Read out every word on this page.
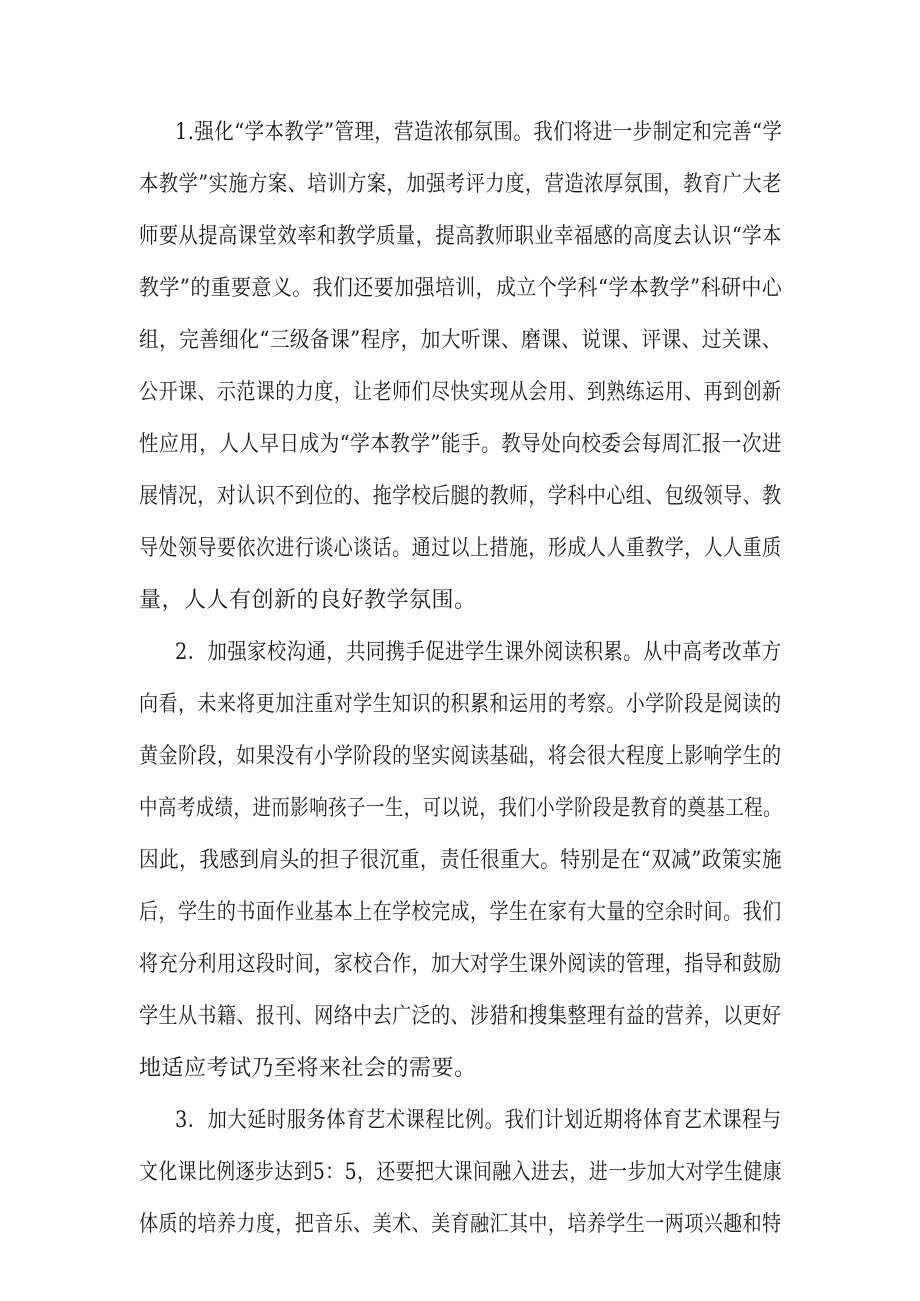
1.强化“学本教学”管理，营造浓郁氛围。我们将进一步制定和完善“学
本教学”实施方案、培训方案，加强考评力度，营造浓厚氛围，教育广大老
师要从提高课堂效率和教学质量，提高教师职业幸福感的高度去认识“学本
教学”的重要意义。我们还要加强培训，成立个学科“学本教学”科研中心
组，完善细化“三级备课”程序，加大听课、磨课、说课、评课、过关课、
公开课、示范课的力度，让老师们尽快实现从会用、到熟练运用、再到创新
性应用，人人早日成为“学本教学”能手。教导处向校委会每周汇报一次进
展情况，对认识不到位的、拖学校后腿的教师，学科中心组、包级领导、教
导处领导要依次进行谈心谈话。通过以上措施，形成人人重教学，人人重质
量，人人有创新的良好教学氛围。
2．加强家校沟通，共同携手促进学生课外阅读积累。从中高考改革方
向看，未来将更加注重对学生知识的积累和运用的考察。小学阶段是阅读的
黄金阶段，如果没有小学阶段的坚实阅读基础，将会很大程度上影响学生的
中高考成绩，进而影响孩子一生，可以说，我们小学阶段是教育的奠基工程。
因此，我感到肩头的担子很沉重，责任很重大。特别是在“双减”政策实施
后，学生的书面作业基本上在学校完成，学生在家有大量的空余时间。我们
将充分利用这段时间，家校合作，加大对学生课外阅读的管理，指导和鼓励
学生从书籍、报刊、网络中去广泛的、涉猎和搜集整理有益的营养，以更好
地适应考试乃至将来社会的需要。
3．加大延时服务体育艺术课程比例。我们计划近期将体育艺术课程与
文化课比例逐步达到5：5，还要把大课间融入进去，进一步加大对学生健康
体质的培养力度，把音乐、美术、美育融汇其中，培养学生一两项兴趣和特
